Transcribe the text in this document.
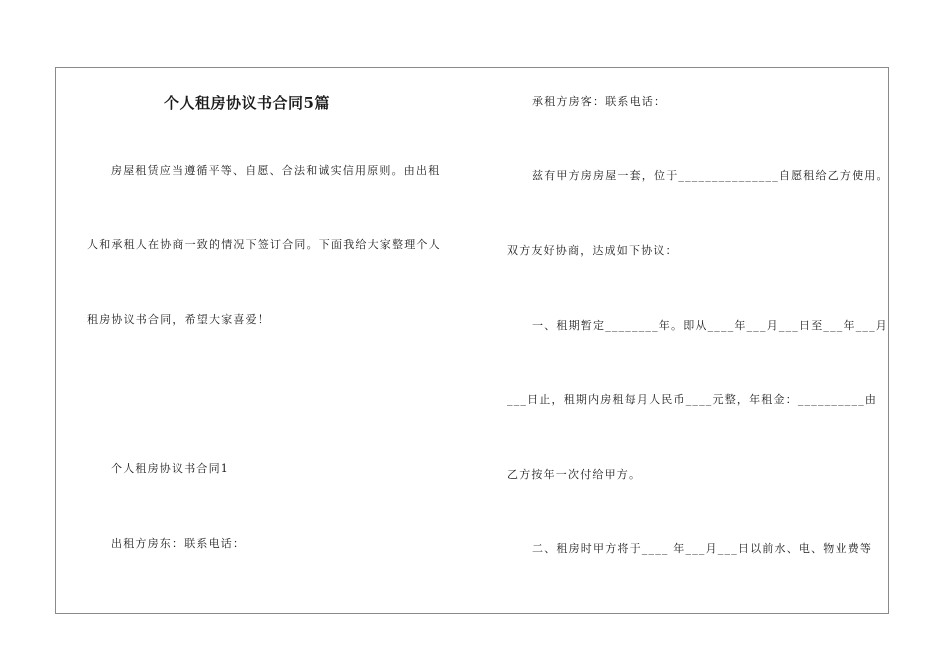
个人租房协议书合同5篇
房屋租赁应当遵循平等、自愿、合法和诚实信用原则。由出租
人和承租人在协商一致的情况下签订合同。下面我给大家整理个人
租房协议书合同，希望大家喜爱！
个人租房协议书合同1
出租方房东：联系电话：
承租方房客：联系电话：
兹有甲方房房屋一套，位于_______________自愿租给乙方使用。
双方友好协商，达成如下协议：
一、租期暂定________年。即从____年___月___日至___年___月
___日止，租期内房租每月人民币____元整，年租金：__________由
乙方按年一次付给甲方。
二、租房时甲方将于____ 年___月___日以前水、电、物业费等
